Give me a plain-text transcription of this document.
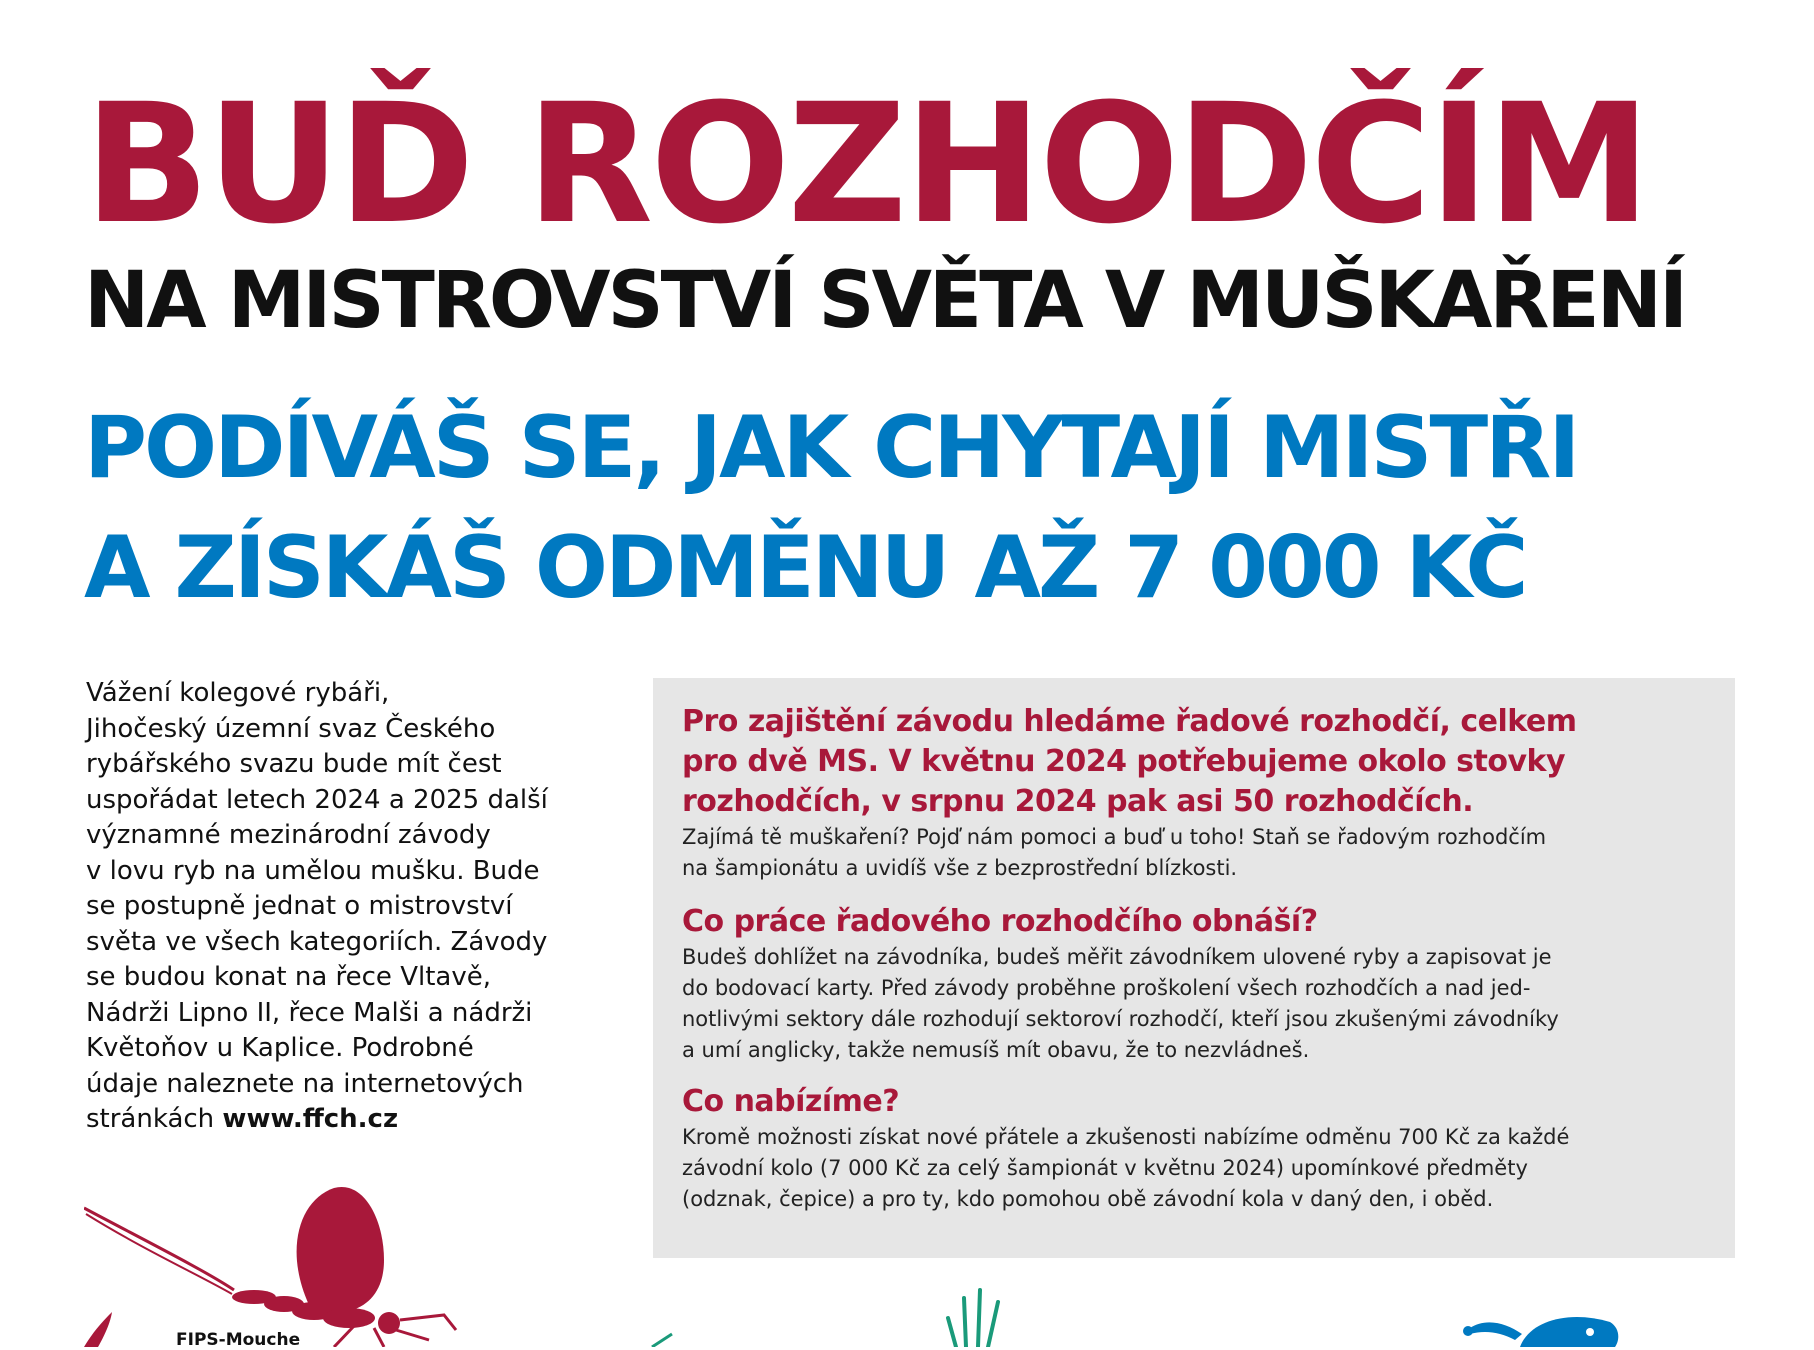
BUĎ ROZHODČÍM
NA MISTROVSTVÍ SVĚTA V MUŠKAŘENÍ
PODÍVÁŠ SE, JAK CHYTAJÍ MISTŘI
A ZÍSKÁŠ ODMĚNU AŽ 7 000 KČ

Vážení kolegové rybáři,
Jihočeský územní svaz Českého
rybářského svazu bude mít čest
uspořádat letech 2024 a 2025 další
významné mezinárodní závody
v lovu ryb na umělou mušku. Bude
se postupně jednat o mistrovství
světa ve všech kategoriích. Závody
se budou konat na řece Vltavě,
Nádrži Lipno II, řece Malši a nádrži
Květoňov u Kaplice. Podrobné
údaje naleznete na internetových
stránkách www.ffch.cz

Pro zajištění závodu hledáme řadové rozhodčí, celkem
pro dvě MS. V květnu 2024 potřebujeme okolo stovky
rozhodčích, v srpnu 2024 pak asi 50 rozhodčích.

Zajímá tě muškaření? Pojď nám pomoci a buď u toho! Staň se řadovým rozhodčím
na šampionátu a uvidíš vše z bezprostřední blízkosti.

Co práce řadového rozhodčího obnáší?

Budeš dohlížet na závodníka, budeš měřit závodníkem ulovené ryby a zapisovat je
do bodovací karty. Před závody proběhne proškolení všech rozhodčích a nad jed-
notlivými sektory dále rozhodují sektoroví rozhodčí, kteří jsou zkušenými závodníky
a umí anglicky, takže nemusíš mít obavu, že to nezvládneš.

Co nabízíme?

Kromě možnosti získat nové přátele a zkušenosti nabízíme odměnu 700 Kč za každé
závodní kolo (7 000 Kč za celý šampionát v květnu 2024) upomínkové předměty
(odznak, čepice) a pro ty, kdo pomohou obě závodní kola v daný den, i oběd.

FIPS-Mouche
